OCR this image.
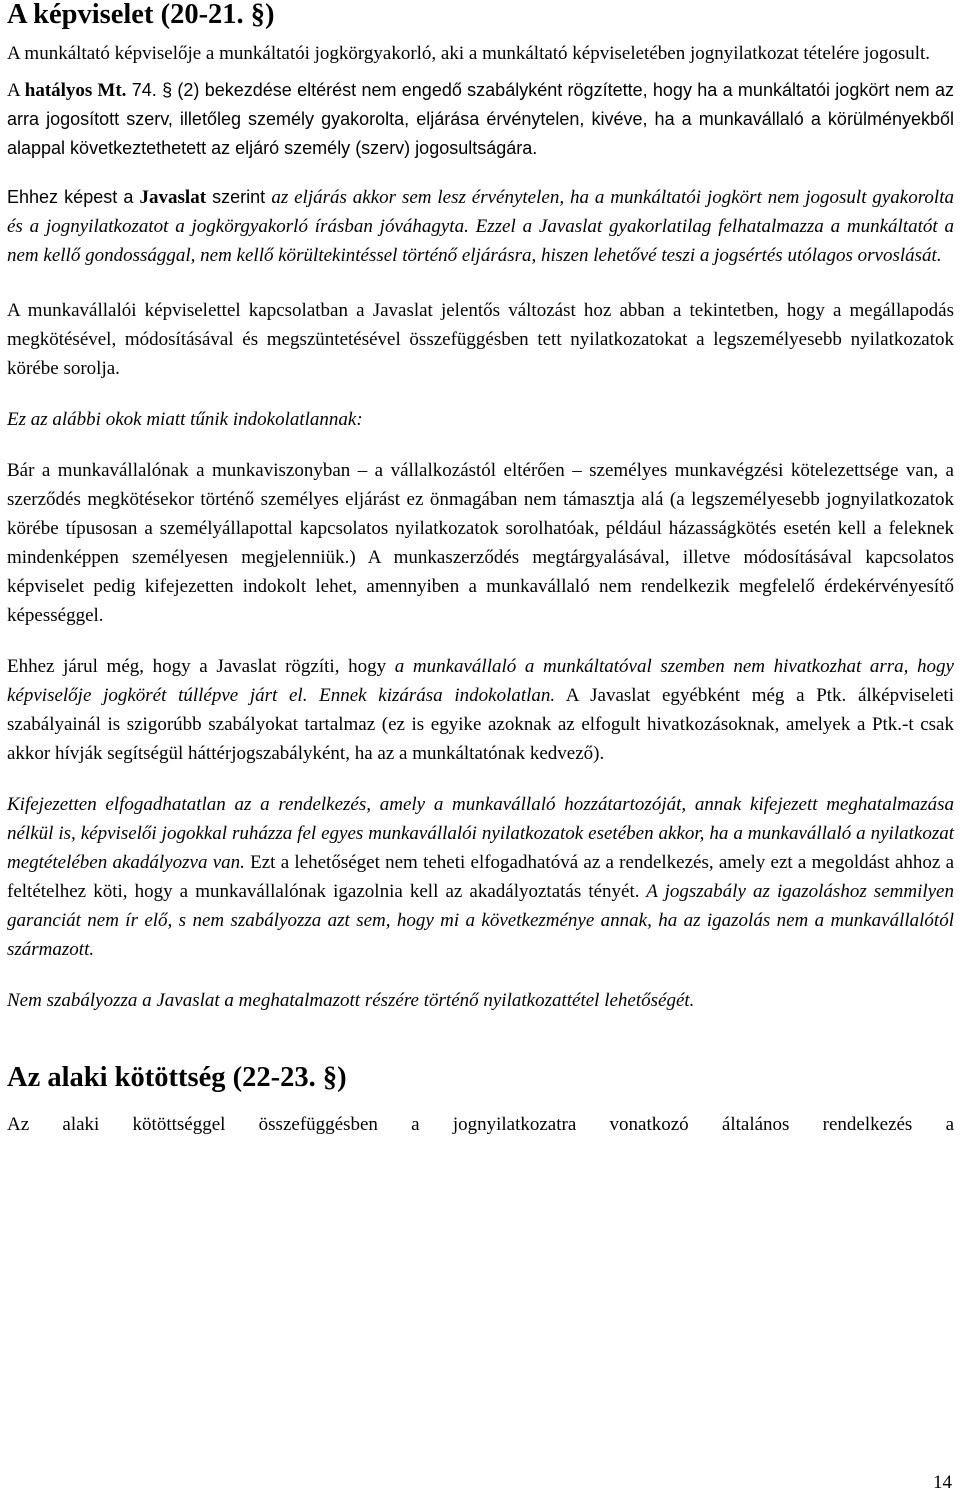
A képviselet (20-21. §)

A munkáltató képviselője a munkáltatói jogkörgyakorló, aki a munkáltató képviseletében jognyilatkozat tételére jogosult.

A hatályos Mt. 74. § (2) bekezdése eltérést nem engedő szabályként rögzítette, hogy ha a munkáltatói jogkört nem az arra jogosított szerv, illetőleg személy gyakorolta, eljárása érvénytelen, kivéve, ha a munkavállaló a körülményekből alappal következtethetett az eljáró személy (szerv) jogosultságára.

Ehhez képest a Javaslat szerint az eljárás akkor sem lesz érvénytelen, ha a munkáltatói jogkört nem jogosult gyakorolta és a jognyilatkozatot a jogkörgyakorló írásban jóváhagyta. Ezzel a Javaslat gyakorlatilag felhatalmazza a munkáltatót a nem kellő gondossággal, nem kellő körültekintéssel történő eljárásra, hiszen lehetővé teszi a jogsértés utólagos orvoslását.

A munkavállalói képviselettel kapcsolatban a Javaslat jelentős változást hoz abban a tekintetben, hogy a megállapodás megkötésével, módosításával és megszüntetésével összefüggésben tett nyilatkozatokat a legszemélyesebb nyilatkozatok körébe sorolja.

Ez az alábbi okok miatt tűnik indokolatlannak:

Bár a munkavállalónak a munkaviszonyban – a vállalkozástól eltérően – személyes munkavégzési kötelezettsége van, a szerződés megkötésekor történő személyes eljárást ez önmagában nem támasztja alá (a legszemélyesebb jognyilatkozatok körébe típusosan a személyállapottal kapcsolatos nyilatkozatok sorolhatóak, például házasságkötés esetén kell a feleknek mindenképpen személyesen megjelenniük.) A munkaszerződés megtárgyalásával, illetve módosításával kapcsolatos képviselet pedig kifejezetten indokolt lehet, amennyiben a munkavállaló nem rendelkezik megfelelő érdekérvényesítő képességgel.

Ehhez járul még, hogy a Javaslat rögzíti, hogy a munkavállaló a munkáltatóval szemben nem hivatkozhat arra, hogy képviselője jogkörét túllépve járt el. Ennek kizárása indokolatlan. A Javaslat egyébként még a Ptk. álképviseleti szabályainál is szigorúbb szabályokat tartalmaz (ez is egyike azoknak az elfogult hivatkozásoknak, amelyek a Ptk.-t csak akkor hívják segítségül háttérjogszabályként, ha az a munkáltatónak kedvező).

Kifejezetten elfogadhatatlan az a rendelkezés, amely a munkavállaló hozzátartozóját, annak kifejezett meghatalmazása nélkül is, képviselői jogokkal ruházza fel egyes munkavállalói nyilatkozatok esetében akkor, ha a munkavállaló a nyilatkozat megtételében akadályozva van. Ezt a lehetőséget nem teheti elfogadhatóvá az a rendelkezés, amely ezt a megoldást ahhoz a feltételhez köti, hogy a munkavállalónak igazolnia kell az akadályoztatás tényét. A jogszabály az igazoláshoz semmilyen garanciát nem ír elő, s nem szabályozza azt sem, hogy mi a következménye annak, ha az igazolás nem a munkavállalótól származott.

Nem szabályozza a Javaslat a meghatalmazott részére történő nyilatkozattétel lehetőségét.

Az alaki kötöttség (22-23. §)

Az alaki kötöttséggel összefüggésben a jognyilatkozatra vonatkozó általános rendelkezés a

14
